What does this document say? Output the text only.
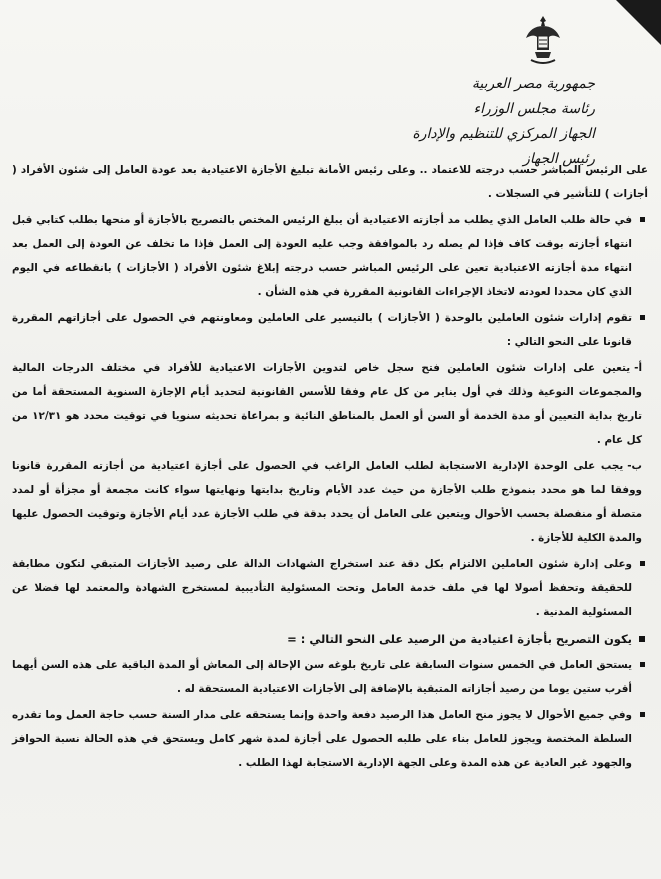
جمهورية مصر العربية
رئاسة مجلس الوزراء
الجهاز المركزي للتنظيم والإدارة
رئيس الجهاز

على الرئيس المباشر حسب درجته للاعتماد .. وعلى رئيس الأمانة تبليغ الأجازة الاعتيادية بعد عودة العامل إلى شئون الأفراد ( أجازات ) للتأشير في السجلات .

في حالة طلب العامل الذي يطلب مد أجازته الاعتيادية أن يبلغ الرئيس المختص بالتصريح بالأجازة أو منحها بطلب كتابي قبل انتهاء أجازته بوقت كاف فإذا لم يصله رد بالموافقة وجب عليه العودة إلى العمل فإذا ما تخلف عن العودة إلى العمل بعد انتهاء مدة أجازته الاعتيادية تعين على الرئيس المباشر حسب درجته إبلاغ شئون الأفراد ( الأجازات ) بانقطاعه في اليوم الذي كان محددا لعودته لاتخاذ الإجراءات القانونية المقررة في هذه الشأن .

تقوم إدارات شئون العاملين بالوحدة ( الأجازات ) بالتيسير على العاملين ومعاونتهم في الحصول على أجازاتهم المقررة قانونا على النحو التالي :

أ-يتعين على إدارات شئون العاملين فتح سجل خاص لتدوين الأجازات الاعتيادية للأفراد في مختلف الدرجات المالية والمجموعات النوعية وذلك في أول يناير من كل عام وفقا للأسس القانونية لتحديد أيام الإجازة السنوية المستحقة أما من تاريخ بداية التعيين أو مدة الخدمة أو السن أو العمل بالمناطق النائية و بمراعاة تحديثه سنويا في توقيت محدد هو ١٢/٣١ من كل عام .

ب-يجب على الوحدة الإدارية الاستجابة لطلب العامل الراغب في الحصول على أجازة اعتيادية من أجازته المقررة قانونا ووفقا لما هو محدد بنموذج طلب الأجازة من حيث عدد الأيام وتاريخ بدايتها ونهايتها سواء كانت مجمعة أو مجزأة أو لمدد متصلة أو منفصلة بحسب الأحوال ويتعين على العامل أن يحدد بدقة في طلب الأجازة عدد أيام الأجازة وتوقيت الحصول عليها والمدة الكلية للأجازة .

وعلى إدارة شئون العاملين الالتزام بكل دقة عند استخراج الشهادات الدالة على رصيد الأجازات المتبقي لتكون مطابقة للحقيقة وتحفظ أصولا لها في ملف خدمة العامل وتحت المسئولية التأديبية لمستخرج الشهادة والمعتمد لها فضلا عن المسئولية المدنية .

يكون التصريح بأجازة اعتيادية من الرصيد على النحو التالي : =

يستحق العامل في الخمس سنوات السابقة على تاريخ بلوغه سن الإحالة إلى المعاش أو المدة الباقية على هذه السن أيهما أقرب ستين يوما من رصيد أجازاته المتبقية بالإضافة إلى الأجازات الاعتيادية المستحقة له .

وفي جميع الأحوال لا يجوز منح العامل هذا الرصيد دفعة واحدة وإنما يستحقه على مدار السنة حسب حاجة العمل وما تقدره السلطة المختصة ويجوز للعامل بناء على طلبه الحصول على أجازة لمدة شهر كامل ويستحق في هذه الحالة نسبة الحوافز والجهود غير العادية عن هذه المدة وعلى الجهة الإدارية الاستجابة لهذا الطلب .
